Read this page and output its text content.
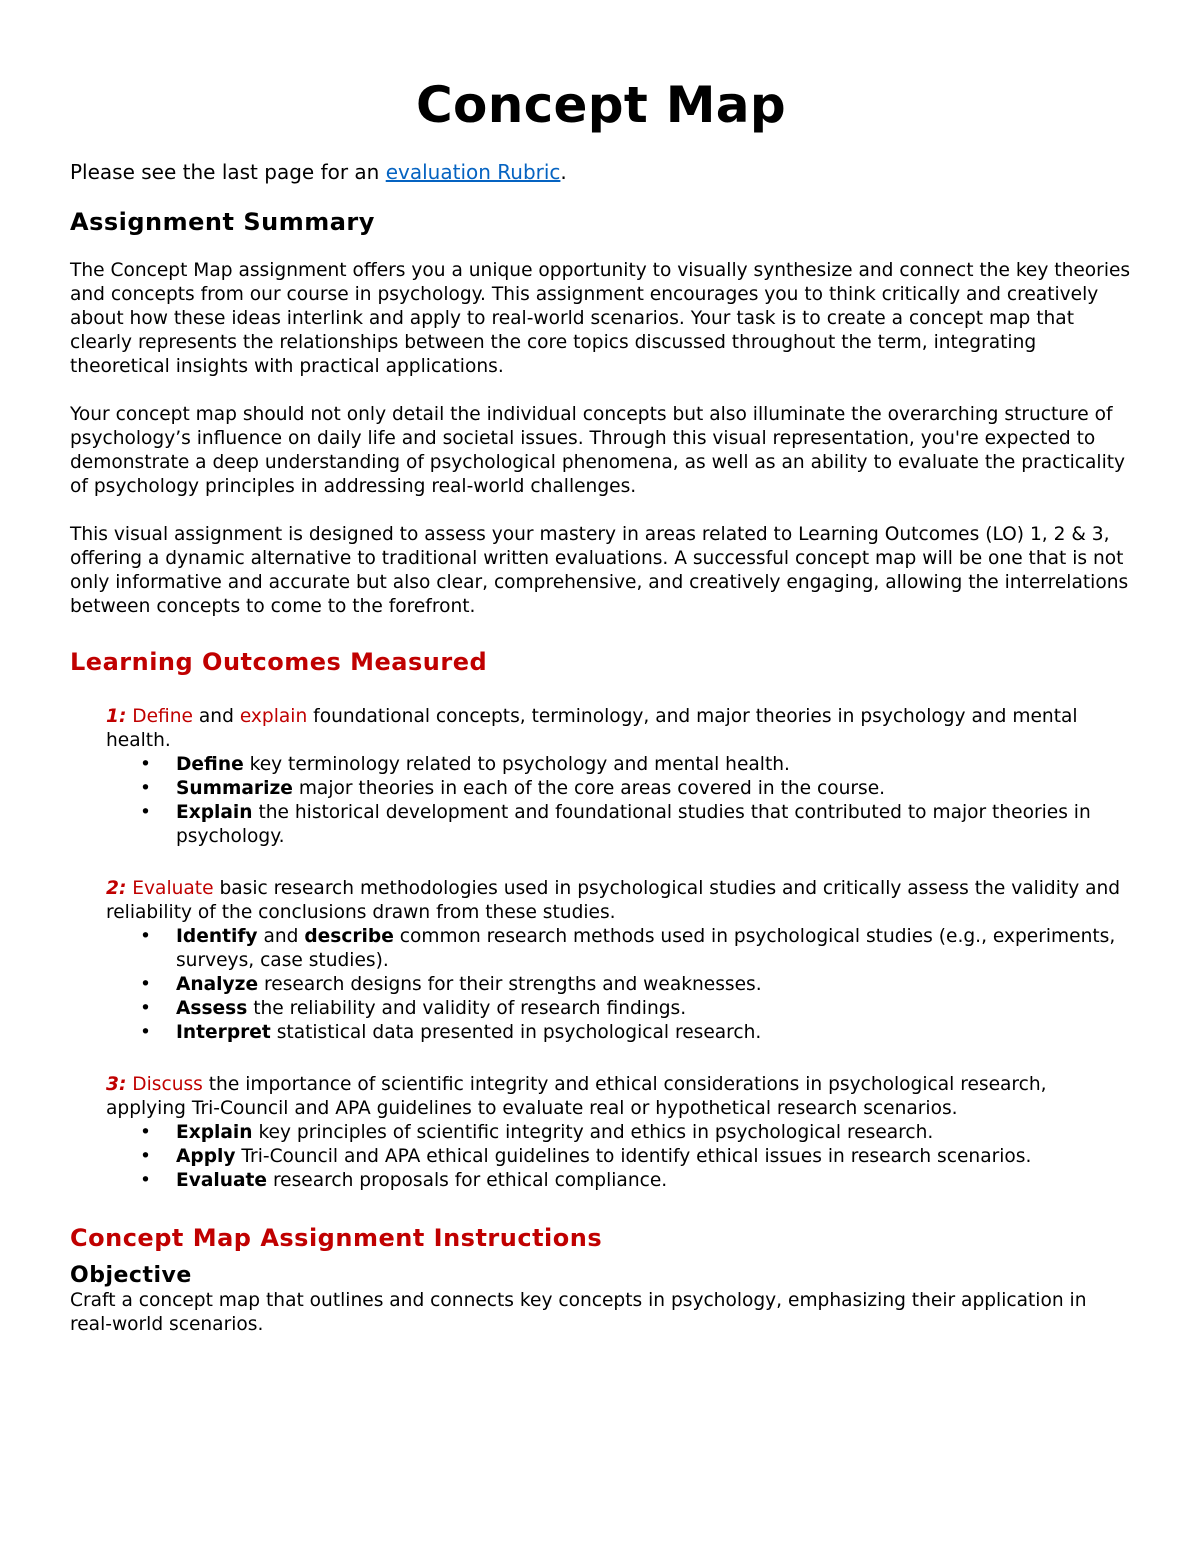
Concept Map

Please see the last page for an evaluation Rubric.

Assignment Summary

The Concept Map assignment offers you a unique opportunity to visually synthesize and connect the key theories and concepts from our course in psychology. This assignment encourages you to think critically and creatively about how these ideas interlink and apply to real-world scenarios. Your task is to create a concept map that clearly represents the relationships between the core topics discussed throughout the term, integrating theoretical insights with practical applications.

Your concept map should not only detail the individual concepts but also illuminate the overarching structure of psychology’s influence on daily life and societal issues. Through this visual representation, you're expected to demonstrate a deep understanding of psychological phenomena, as well as an ability to evaluate the practicality of psychology principles in addressing real-world challenges.

This visual assignment is designed to assess your mastery in areas related to Learning Outcomes (LO) 1, 2 & 3, offering a dynamic alternative to traditional written evaluations. A successful concept map will be one that is not only informative and accurate but also clear, comprehensive, and creatively engaging, allowing the interrelations between concepts to come to the forefront.

Learning Outcomes Measured

1: Define and explain foundational concepts, terminology, and major theories in psychology and mental health.

• Define key terminology related to psychology and mental health.
• Summarize major theories in each of the core areas covered in the course.
• Explain the historical development and foundational studies that contributed to major theories in psychology.

2: Evaluate basic research methodologies used in psychological studies and critically assess the validity and reliability of the conclusions drawn from these studies.

• Identify and describe common research methods used in psychological studies (e.g., experiments, surveys, case studies).
• Analyze research designs for their strengths and weaknesses.
• Assess the reliability and validity of research findings.
• Interpret statistical data presented in psychological research.

3: Discuss the importance of scientific integrity and ethical considerations in psychological research, applying Tri-Council and APA guidelines to evaluate real or hypothetical research scenarios.

• Explain key principles of scientific integrity and ethics in psychological research.
• Apply Tri-Council and APA ethical guidelines to identify ethical issues in research scenarios.
• Evaluate research proposals for ethical compliance.
Concept Map Assignment Instructions
Objective

Craft a concept map that outlines and connects key concepts in psychology, emphasizing their application in real-world scenarios.
